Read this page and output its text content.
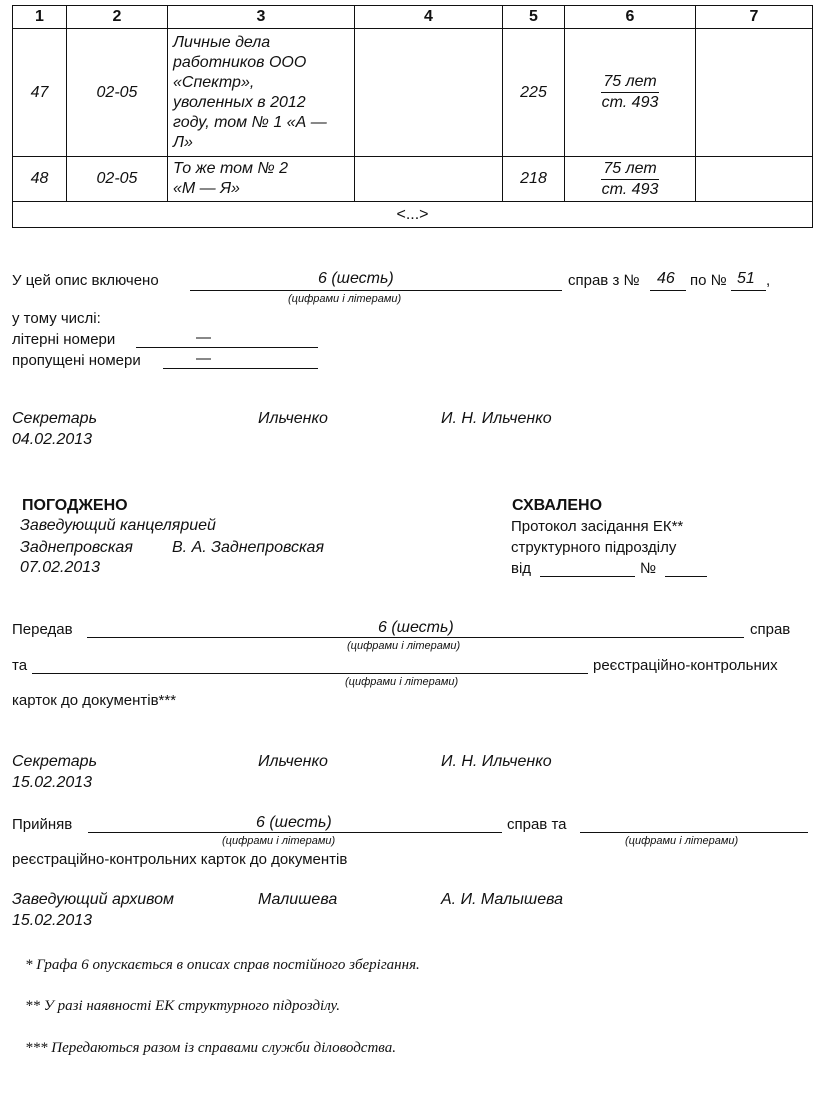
1	2	3	4	5	6	7
47	02-05	Личные дела работников ООО «Спектр», уволенных в 2012 году, том № 1 «А — Л»		225	$\frac{\text{75 лет}}{ст. 493}$	
48	02-05	То же том № 2 «М — Я»		218	$\frac{\text{75 лет}}{ст. 493}$	
<...>						
У цей опис включено	6 (шесть)
(цифрами і літерами)
справ з № 46 по № 51 ,
у тому числі:
літерні номери	—
пропущені номери	—
Секретарь	Ильченко	И. Н. Ильченко
04.02.2013
ПОГОДЖЕНО
Заведующий канцелярией
Заднепровская В. А. Заднепровская
07.02.2013
СХВАЛЕНО
Протокол засідання ЕК**
структурного підрозділу
від	№
Передав	6 (шесть)
(цифрами і літерами)
справ
та
(цифрами і літерами)
реєстраційно-контрольних
карток до документів***
Секретарь	Ильченко	И. Н. Ильченко
15.02.2013
Прийняв	6 (шесть)
(цифрами і літерами)
справ та
(цифрами і літерами)
реєстраційно-контрольних карток до документів
Заведующий архивом	Малишева	А. И. Малышева
15.02.2013
* Графа 6 опускається в описах справ постійного зберігання.
** У разі наявності ЕК структурного підрозділу.
*** Передаються разом із справами служби діловодства.
